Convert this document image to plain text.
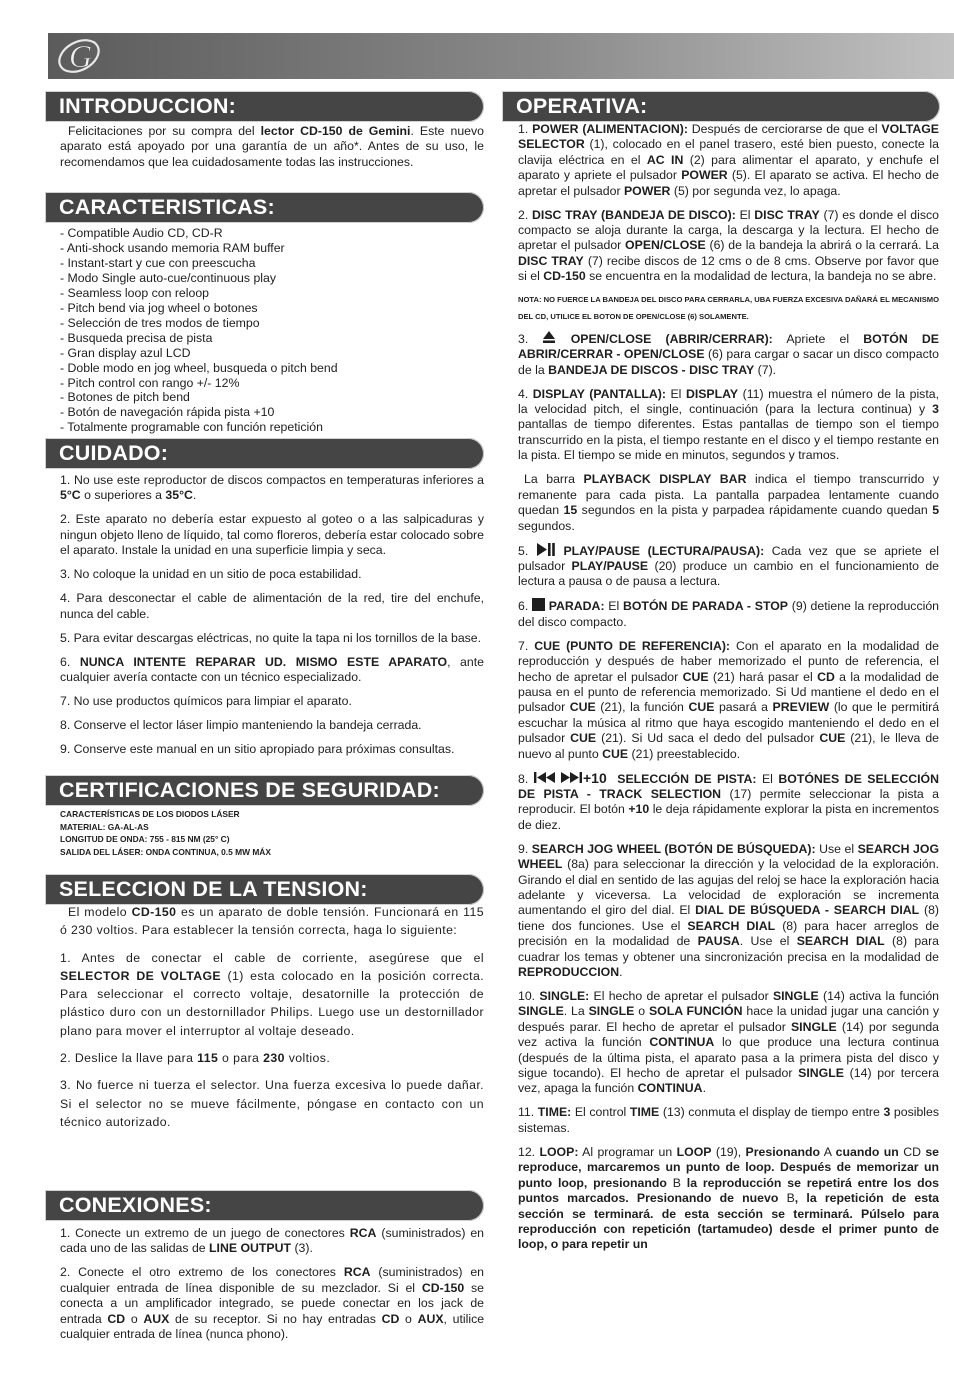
G
INTRODUCCION:

Felicitaciones por su compra del lector CD-150 de Gemini. Este nuevo aparato está apoyado por una garantía de un año*. Antes de su uso, le recomendamos que lea cuidadosamente todas las instrucciones.

CARACTERISTICAS:
- Compatible Audio CD, CD-R
- Anti-shock usando memoria RAM buffer
- Instant-start y cue con preescucha
- Modo Single auto-cue/continuous play
- Seamless loop con reloop
- Pitch bend via jog wheel o botones
- Selección de tres modos de tiempo
- Busqueda precisa de pista
- Gran display azul LCD
- Doble modo en jog wheel, busqueda o pitch bend
- Pitch control con rango +/- 12%
- Botones de pitch bend
- Botón de navegación rápida pista +10
- Totalmente programable con función repetición
CUIDADO:

1. No use este reproductor de discos compactos en temperaturas inferiores a 5°C o superiores a 35°C.

2. Este aparato no debería estar expuesto al goteo o a las salpicaduras y ningun objeto lleno de líquido, tal como floreros, debería estar colocado sobre el aparato. Instale la unidad en una superficie limpia y seca.

3. No coloque la unidad en un sitio de poca estabilidad.

4. Para desconectar el cable de alimentación de la red, tire del enchufe, nunca del cable.

5. Para evitar descargas eléctricas, no quite la tapa ni los tornillos de la base.

6. NUNCA INTENTE REPARAR UD. MISMO ESTE APARATO, ante cualquier avería contacte con un técnico especializado.

7. No use productos químicos para limpiar el aparato.

8. Conserve el lector láser limpio manteniendo la bandeja cerrada.

9. Conserve este manual en un sitio apropiado para próximas consultas.

CERTIFICACIONES DE SEGURIDAD:
CARACTERÍSTICAS DE LOS DIODOS LÁSER
MATERIAL: GA-AL-AS
LONGITUD DE ONDA: 755 - 815 NM (25° C)
SALIDA DEL LÁSER: ONDA CONTINUA, 0.5 MW MÁX
SELECCION DE LA TENSION:

El modelo CD-150 es un aparato de doble tensión. Funcionará en 115 ó 230 voltios. Para establecer la tensión correcta, haga lo siguiente:

1. Antes de conectar el cable de corriente, asegúrese que el SELECTOR DE VOLTAGE (1) esta colocado en la posición correcta. Para seleccionar el correcto voltaje, desatornille la protección de plástico duro con un destornillador Philips. Luego use un destornillador plano para mover el interruptor al voltaje deseado.

2. Deslice la llave para 115 o para 230 voltios.

3. No fuerce ni tuerza el selector. Una fuerza excesiva lo puede dañar. Si el selector no se mueve fácilmente, póngase en contacto con un técnico autorizado.

CONEXIONES:

1. Conecte un extremo de un juego de conectores RCA (suministrados) en cada uno de las salidas de LINE OUTPUT (3).

2. Conecte el otro extremo de los conectores RCA (suministrados) en cualquier entrada de línea disponible de su mezclador. Si el CD-150 se conecta a un amplificador integrado, se puede conectar en los jack de entrada CD o AUX de su receptor. Si no hay entradas CD o AUX, utilice cualquier entrada de línea (nunca phono).

OPERATIVA:

1. POWER (ALIMENTACION): Después de cerciorarse de que el VOLTAGE SELECTOR (1), colocado en el panel trasero, esté bien puesto, conecte la clavija eléctrica en el AC IN (2) para alimentar el aparato, y enchufe el aparato y apriete el pulsador POWER (5). El aparato se activa. El hecho de apretar el pulsador POWER (5) por segunda vez, lo apaga.

2. DISC TRAY (BANDEJA DE DISCO): El DISC TRAY (7) es donde el disco compacto se aloja durante la carga, la descarga y la lectura. El hecho de apretar el pulsador OPEN/CLOSE (6) de la bandeja la abrirá o la cerrará. La DISC TRAY (7) recibe discos de 12 cms o de 8 cms. Observe por favor que si el CD-150 se encuentra en la modalidad de lectura, la bandeja no se abre.

NOTA: NO FUERCE LA BANDEJA DEL DISCO PARA CERRARLA, UBA FUERZA EXCESIVA DAÑARÁ EL MECANISMO DEL CD, UTILICE EL BOTON DE OPEN/CLOSE (6) SOLAMENTE.

3.  OPEN/CLOSE (ABRIR/CERRAR): Apriete el BOTÓN DE ABRIR/CERRAR - OPEN/CLOSE (6) para cargar o sacar un disco compacto de la BANDEJA DE DISCOS - DISC TRAY (7).

4. DISPLAY (PANTALLA): El DISPLAY (11) muestra el número de la pista, la velocidad pitch, el single, continuación (para la lectura continua) y 3 pantallas de tiempo diferentes. Estas pantallas de tiempo son el tiempo transcurrido en la pista, el tiempo restante en el disco y el tiempo restante en la pista. El tiempo se mide en minutos, segundos y tramos.

La barra PLAYBACK DISPLAY BAR indica el tiempo transcurrido y remanente para cada pista. La pantalla parpadea lentamente cuando quedan 15 segundos en la pista y parpadea rápidamente cuando quedan 5 segundos.

5.  PLAY/PAUSE (LECTURA/PAUSA): Cada vez que se apriete el pulsador PLAY/PAUSE (20) produce un cambio en el funcionamiento de lectura a pausa o de pausa a lectura.

6.  PARADA: El BOTÓN DE PARADA - STOP (9) detiene la reproducción del disco compacto.

7. CUE (PUNTO DE REFERENCIA): Con el aparato en la modalidad de reproducción y después de haber memorizado el punto de referencia, el hecho de apretar el pulsador CUE (21) hará pasar el CD a la modalidad de pausa en el punto de referencia memorizado. Si Ud mantiene el dedo en el pulsador CUE (21), la función CUE pasará a PREVIEW (lo que le permitirá escuchar la música al ritmo que haya escogido manteniendo el dedo en el pulsador CUE (21). Si Ud saca el dedo del pulsador CUE (21), le lleva de nuevo al punto CUE (21) preestablecido.

8.	+10 SELECCIÓN DE PISTA: El BOTÓNES DE SELECCIÓN DE PISTA - TRACK SELECTION (17) permite seleccionar la pista a reproducir. El botón +10 le deja rápidamente explorar la pista en incrementos de diez.

9. SEARCH JOG WHEEL (BOTÓN DE BÚSQUEDA): Use el SEARCH JOG WHEEL (8a) para seleccionar la dirección y la velocidad de la exploración. Girando el dial en sentido de las agujas del reloj se hace la exploración hacia adelante y viceversa. La velocidad de exploración se incrementa aumentando el giro del dial. El DIAL DE BÚSQUEDA - SEARCH DIAL (8) tiene dos funciones. Use el SEARCH DIAL (8) para hacer arreglos de precisión en la modalidad de PAUSA. Use el SEARCH DIAL (8) para cuadrar los temas y obtener una sincronización precisa en la modalidad de REPRODUCCION.

10. SINGLE: El hecho de apretar el pulsador SINGLE (14) activa la función SINGLE. La SINGLE o SOLA FUNCIÓN hace la unidad jugar una canción y después parar. El hecho de apretar el pulsador SINGLE (14) por segunda vez activa la función CONTINUA lo que produce una lectura continua (después de la última pista, el aparato pasa a la primera pista del disco y sigue tocando). El hecho de apretar el pulsador SINGLE (14) por tercera vez, apaga la función CONTINUA.

11. TIME: El control TIME (13) conmuta el display de tiempo entre 3 posibles sistemas.

12. LOOP: Al programar un LOOP (19), Presionando A cuando un CD se reproduce, marcaremos un punto de loop. Después de memorizar un punto loop, presionando B la reproducción se repetirá entre los dos puntos marcados. Presionando de nuevo B, la repetición de esta sección se terminará. de esta sección se terminará. Púlselo para reproducción con repetición (tartamudeo) desde el primer punto de loop, o para repetir un
